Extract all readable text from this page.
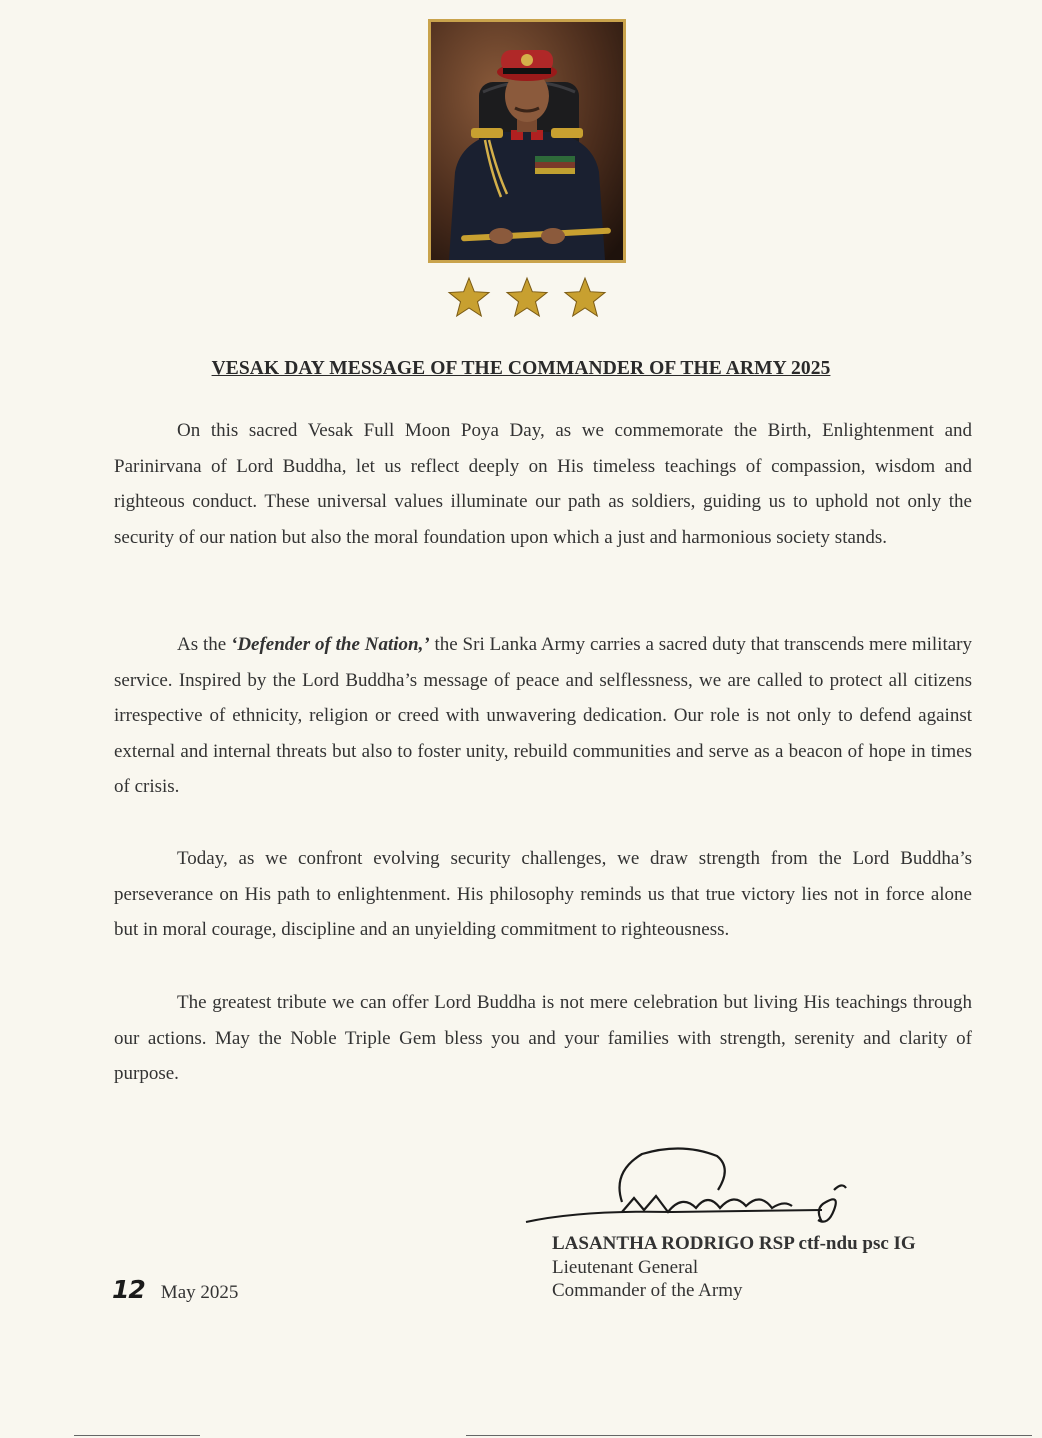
VESAK DAY MESSAGE OF THE COMMANDER OF THE ARMY 2025

On this sacred Vesak Full Moon Poya Day, as we commemorate the Birth, Enlightenment and Parinirvana of Lord Buddha, let us reflect deeply on His timeless teachings of compassion, wisdom and righteous conduct. These universal values illuminate our path as soldiers, guiding us to uphold not only the security of our nation but also the moral foundation upon which a just and harmonious society stands.

As the ‘Defender of the Nation,’ the Sri Lanka Army carries a sacred duty that transcends mere military service. Inspired by the Lord Buddha’s message of peace and selflessness, we are called to protect all citizens irrespective of ethnicity, religion or creed with unwavering dedication. Our role is not only to defend against external and internal threats but also to foster unity, rebuild communities and serve as a beacon of hope in times of crisis.

Today, as we confront evolving security challenges, we draw strength from the Lord Buddha’s perseverance on His path to enlightenment. His philosophy reminds us that true victory lies not in force alone but in moral courage, discipline and an unyielding commitment to righteousness.

The greatest tribute we can offer Lord Buddha is not mere celebration but living His teachings through our actions. May the Noble Triple Gem bless you and your families with strength, serenity and clarity of purpose.

LASANTHA RODRIGO RSP ctf-ndu psc IG
Lieutenant General
Commander of the Army
12 May 2025
